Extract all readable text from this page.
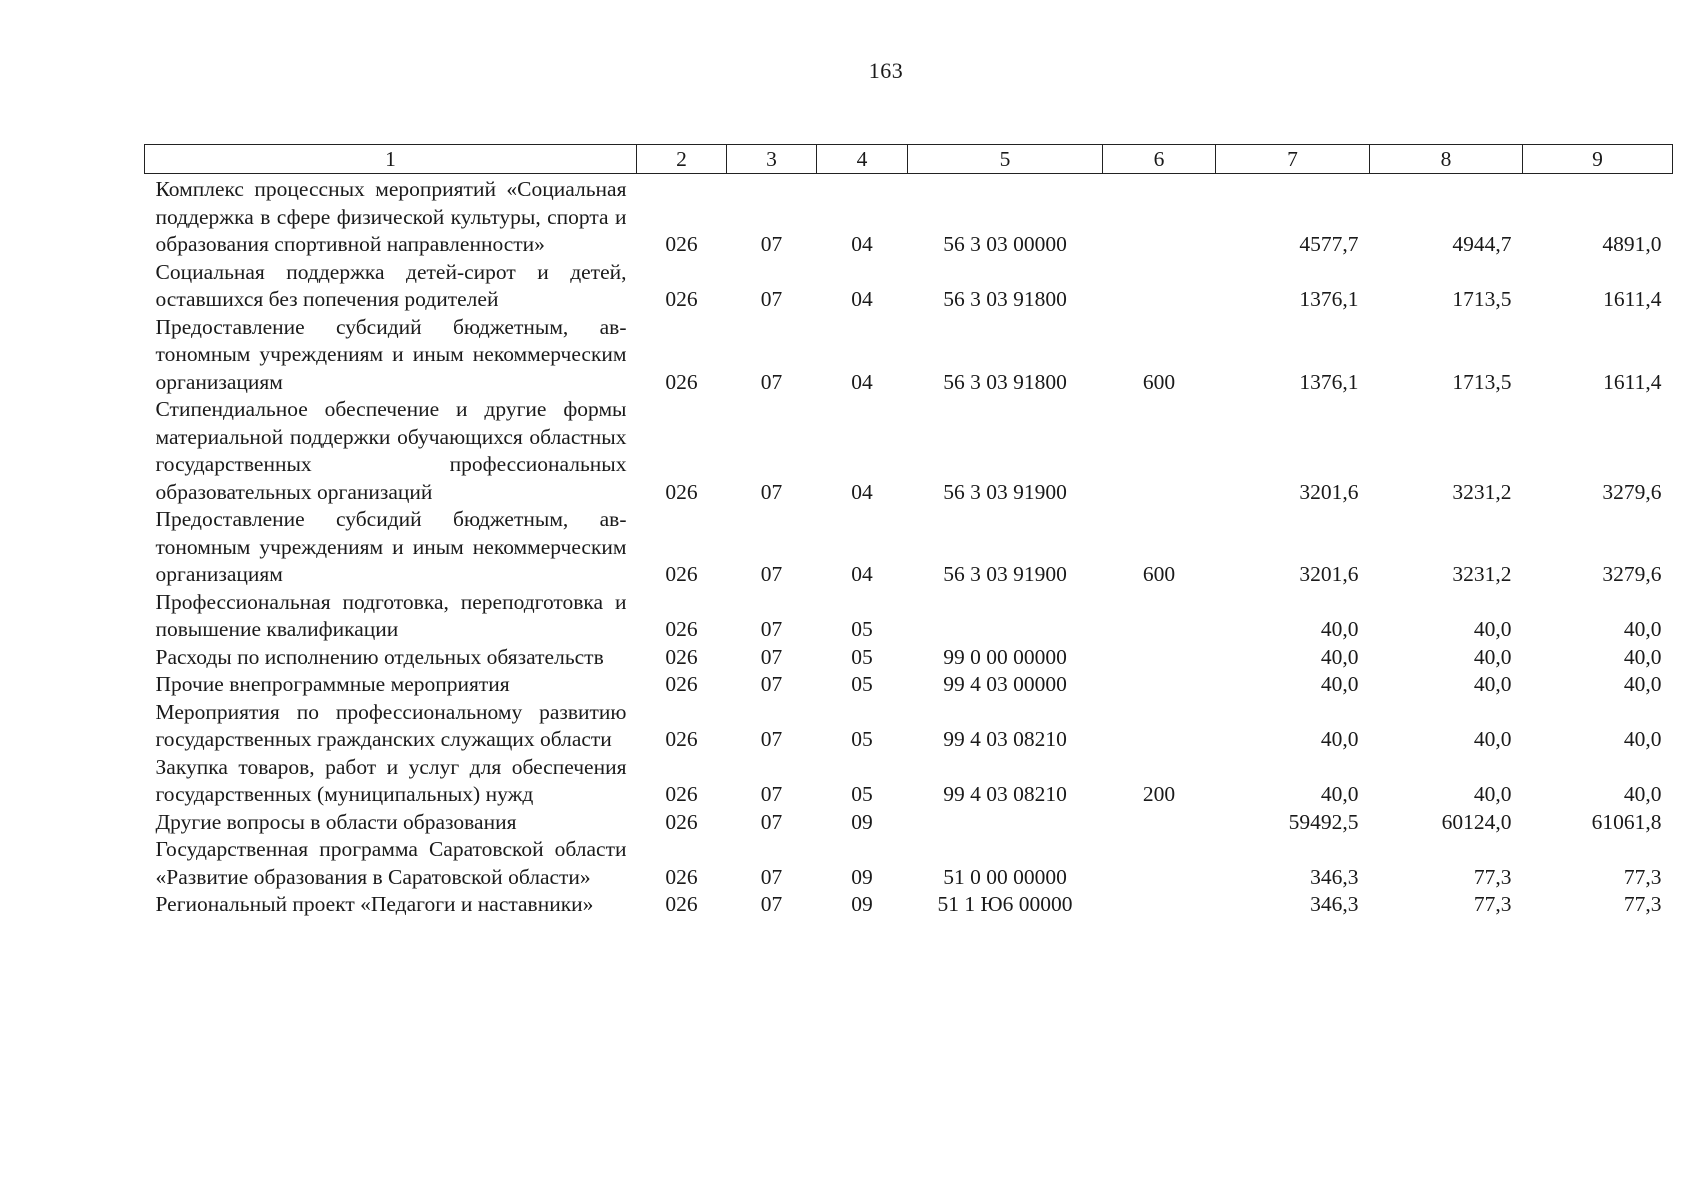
163
1	2	3	4	5	6	7	8	9
Комплекс процессных мероприятий «Социальная поддержка в сфере физической культуры, спорта и образования спортивной направленности»	026	07	04	56 3 03 00000		4577,7	4944,7	4891,0
Социальная поддержка детей-сирот и детей, оставшихся без попечения родителей	026	07	04	56 3 03 91800		1376,1	1713,5	1611,4
Предоставление субсидий бюджетным, автономным учреждениям и иным некоммерческим организациям	026	07	04	56 3 03 91800	600	1376,1	1713,5	1611,4
Стипендиальное обеспечение и другие формы материальной поддержки обучающихся областных государственных профессиональных образовательных организаций	026	07	04	56 3 03 91900		3201,6	3231,2	3279,6
Предоставление субсидий бюджетным, автономным учреждениям и иным некоммерческим организациям	026	07	04	56 3 03 91900	600	3201,6	3231,2	3279,6
Профессиональная подготовка, переподготовка и повышение квалификации	026	07	05			40,0	40,0	40,0
Расходы по исполнению отдельных обязательств	026	07	05	99 0 00 00000		40,0	40,0	40,0
Прочие внепрограммные мероприятия	026	07	05	99 4 03 00000		40,0	40,0	40,0
Мероприятия по профессиональному развитию государственных гражданских служащих области	026	07	05	99 4 03 08210		40,0	40,0	40,0
Закупка товаров, работ и услуг для обеспечения государственных (муниципальных) нужд	026	07	05	99 4 03 08210	200	40,0	40,0	40,0
Другие вопросы в области образования	026	07	09			59492,5	60124,0	61061,8
Государственная программа Саратовской области «Развитие образования в Саратовской области»	026	07	09	51 0 00 00000		346,3	77,3	77,3
Региональный проект «Педагоги и наставники»	026	07	09	51 1 Ю6 00000		346,3	77,3	77,3
